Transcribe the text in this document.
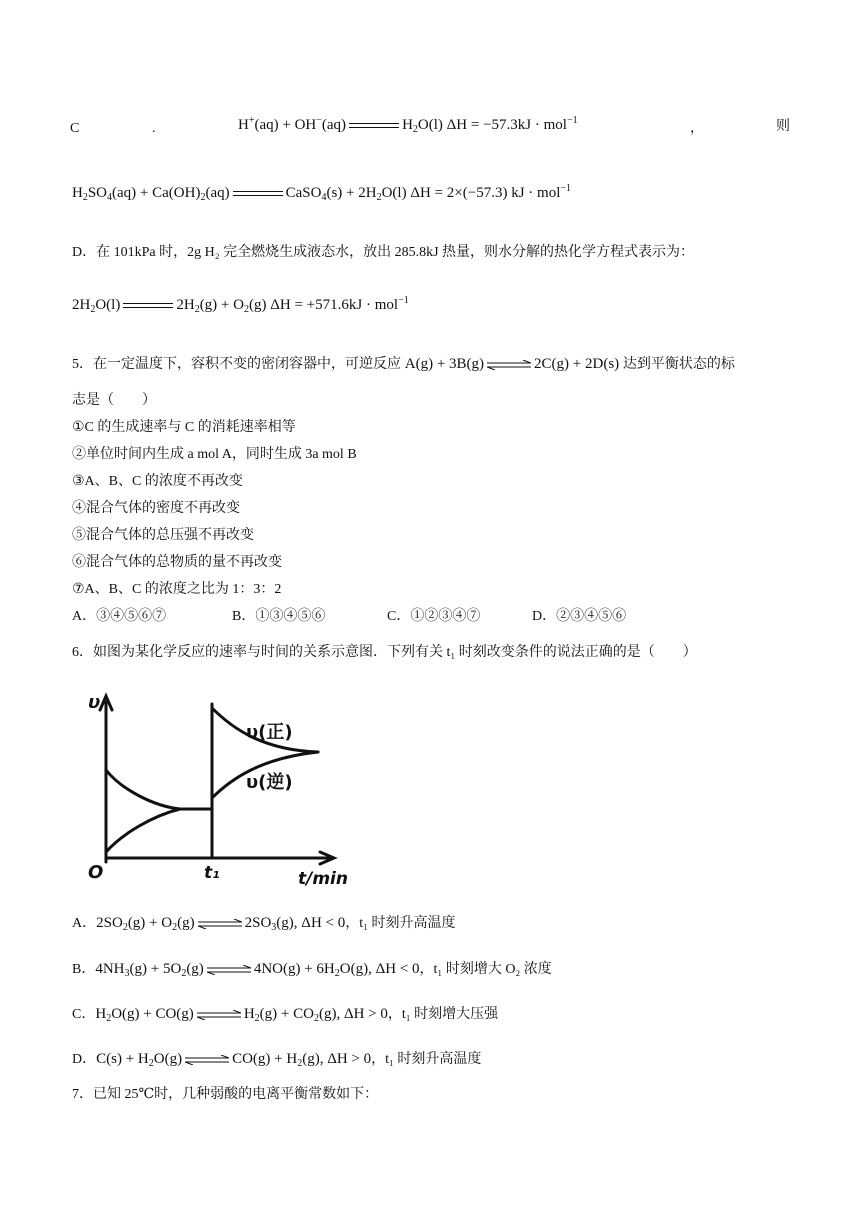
C	.	H+(aq) + OH−(aq)	$H_2O(l) \Delta H = -57.3kJ \cdot mol^{-1}$
，	则
$H_2SO_4(aq) + Ca(OH)_2(aq)$	CaSO$_4$(s) + $2H_2O(l) \Delta H = 2\times(-57.3)$ kJ · mol$^{-1}$
D．在 101kPa 时，2g H₂ 完全燃烧生成液态水，放出 285.8kJ 热量，则水分解的热化学方程式表示为：
$2H_2O(l)$	$2H_2(g) + O_2(g) \Delta H = +571.6kJ \cdot mol^{-1}$
5．在一定温度下，容积不变的密闭容器中，可逆反应 A(g) + 3B(g) ⇌ 2C(g) + 2D(s) 达到平衡状态的标
志是（　　）
①C 的生成速率与 C 的消耗速率相等
②单位时间内生成 a mol A，同时生成 3a mol B
③A、B、C 的浓度不再改变
④混合气体的密度不再改变
⑤混合气体的总压强不再改变
⑥混合气体的总物质的量不再改变
⑦A、B、C 的浓度之比为 1：3：2
A．③④⑤⑥⑦	B．①③④⑤⑥	C．①②③④⑦	D．②③④⑤⑥
6．如图为某化学反应的速率与时间的关系示意图．下列有关 t₁ 时刻改变条件的说法正确的是（　　）
υ
O	t₁	t/min
υ(正)
υ(逆)
A．$2SO_2(g) + O_2(g)$ ⇌ $2SO_3(g)$, ΔH < 0，t₁ 时刻升高温度
B．$4NH_3(g) + 5O_2(g)$ ⇌ $4NO(g) + 6H_2O(g)$, ΔH < 0，t₁ 时刻增大 O₂ 浓度
C．$H_2O(g) + CO(g)$ ⇌ $H_2(g) + CO_2(g)$, ΔH > 0，t₁ 时刻增大压强
D．$C(s) + H_2O(g)$ ⇌ $CO(g) + H_2(g)$, ΔH > 0，t₁ 时刻升高温度
7．已知 25℃时，几种弱酸的电离平衡常数如下：
